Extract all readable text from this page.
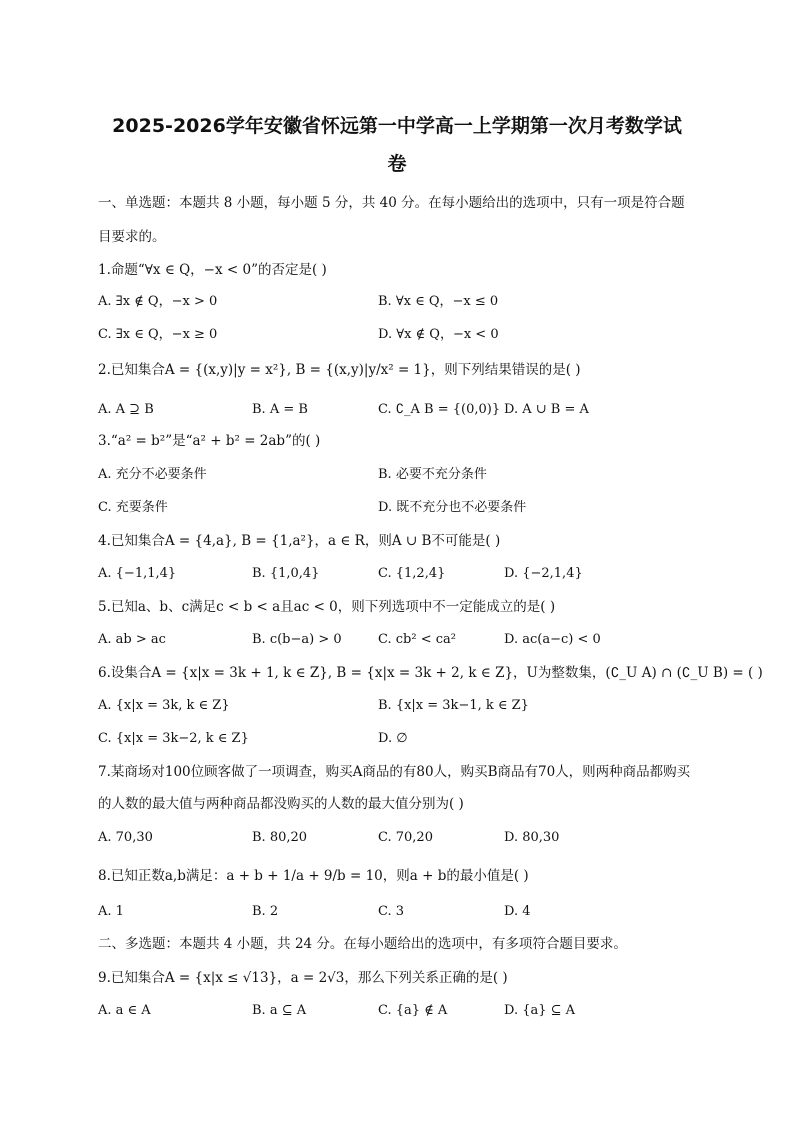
2025-2026学年安徽省怀远第一中学高一上学期第一次月考数学试
卷
一、单选题：本题共 8 小题，每小题 5 分，共 40 分。在每小题给出的选项中，只有一项是符合题
目要求的。
1.命题“∀x ∈ Q，−x < 0”的否定是( )
A. ∃x ∉ Q，−x > 0	B. ∀x ∈ Q，−x ≤ 0
C. ∃x ∈ Q，−x ≥ 0	D. ∀x ∉ Q，−x < 0
2.已知集合A = {(x,y)|y = x²}, B = {(x,y)|y/x² = 1}，则下列结果错误的是( )
A. A ⊇ B	B. A = B	C. ∁_A B = {(0,0)} D. A ∪ B = A
3.“a² = b²”是“a² + b² = 2ab”的( )
A. 充分不必要条件	B. 必要不充分条件
C. 充要条件	D. 既不充分也不必要条件
4.已知集合A = {4,a}, B = {1,a²}，a ∈ R，则A ∪ B不可能是( )
A. {−1,1,4}	B. {1,0,4}	C. {1,2,4}	D. {−2,1,4}
5.已知a、b、c满足c < b < a且ac < 0，则下列选项中不一定能成立的是( )
A. ab > ac	B. c(b−a) > 0	C. cb² < ca²	D. ac(a−c) < 0
6.设集合A = {x|x = 3k + 1, k ∈ Z}, B = {x|x = 3k + 2, k ∈ Z}，U为整数集，(∁_U A) ∩ (∁_U B) = ( )
A. {x|x = 3k, k ∈ Z}	B. {x|x = 3k−1, k ∈ Z}
C. {x|x = 3k−2, k ∈ Z}	D. ∅
7.某商场对100位顾客做了一项调查，购买A商品的有80人，购买B商品有70人，则两种商品都购买
的人数的最大值与两种商品都没购买的人数的最大值分别为( )
A. 70,30	B. 80,20	C. 70,20	D. 80,30
8.已知正数a,b满足：a + b + 1/a + 9/b = 10，则a + b的最小值是( )
A. 1	B. 2	C. 3	D. 4
二、多选题：本题共 4 小题，共 24 分。在每小题给出的选项中，有多项符合题目要求。
9.已知集合A = {x|x ≤ √13}，a = 2√3，那么下列关系正确的是( )
A. a ∈ A	B. a ⊆ A	C. {a} ∉ A	D. {a} ⊆ A
